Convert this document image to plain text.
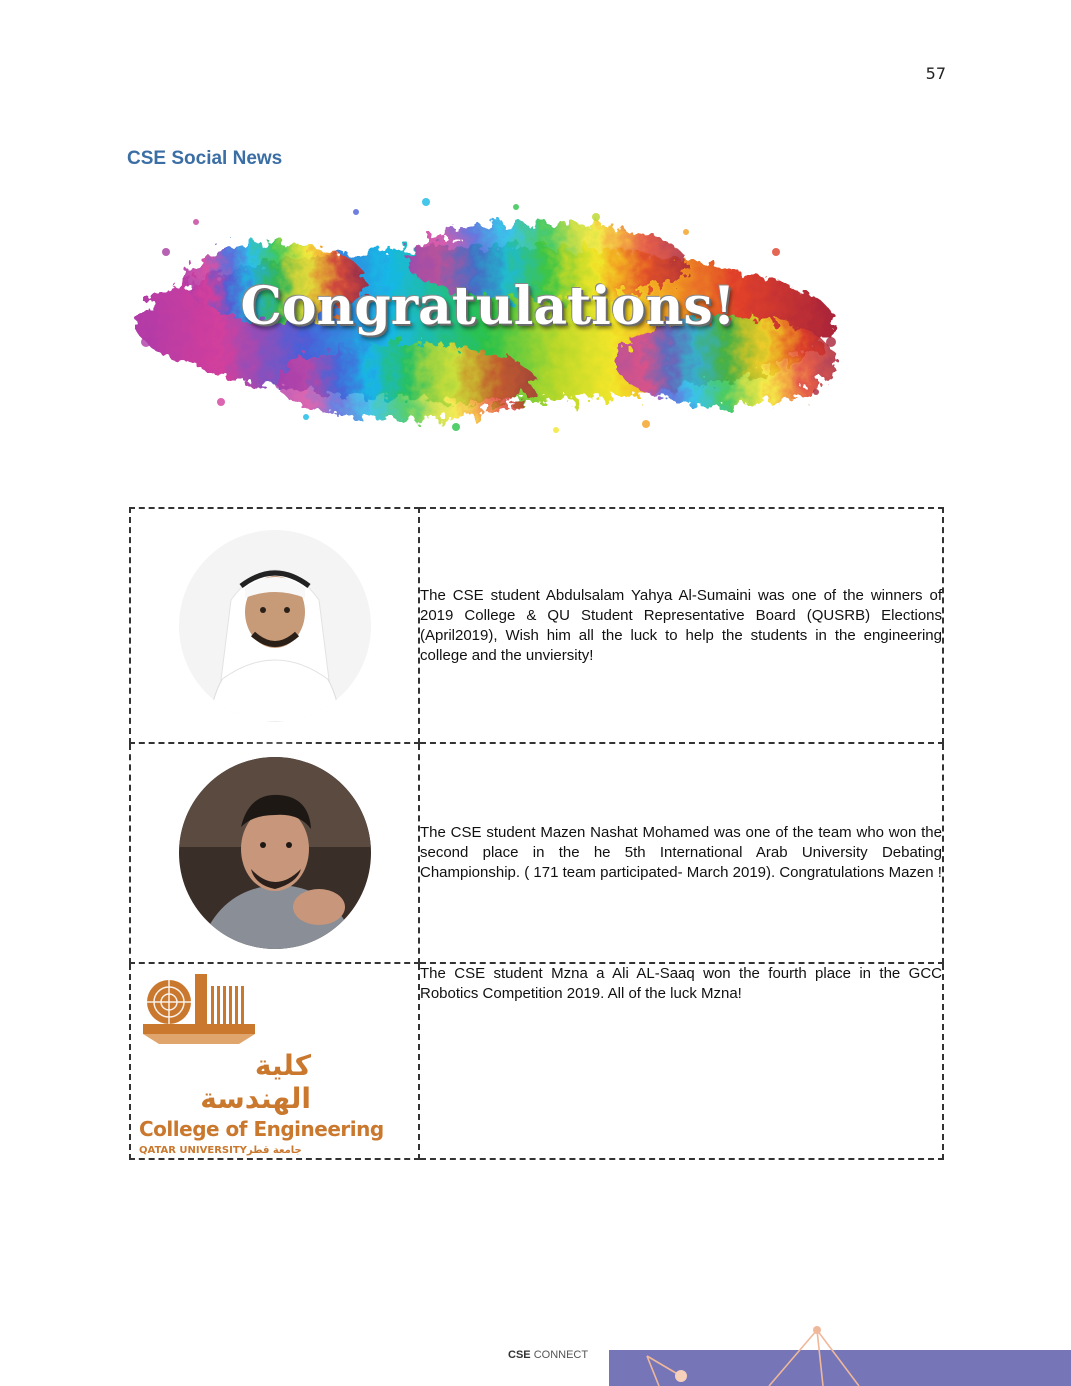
57
CSE Social News
Congratulations!
	The CSE student Abdulsalam Yahya Al-Sumaini was one of the winners of 2019 College & QU Student Representative Board (QUSRB) Elections (April2019), Wish him all the luck to help the students in the engineering college and the unviersity!

	The CSE student Mazen Nashat Mohamed was one of the team who won the second place in the he 5th International Arab University Debating Championship. ( 171 team participated- March 2019). Congratulations Mazen !

كلية الهندسة
College of Engineering
QATAR UNIVERSITYجامعة قطر	The CSE student Mzna a Ali AL-Saaq won the fourth place in the GCC Robotics Competition 2019. All of the luck Mzna!
CSE CONNECT
